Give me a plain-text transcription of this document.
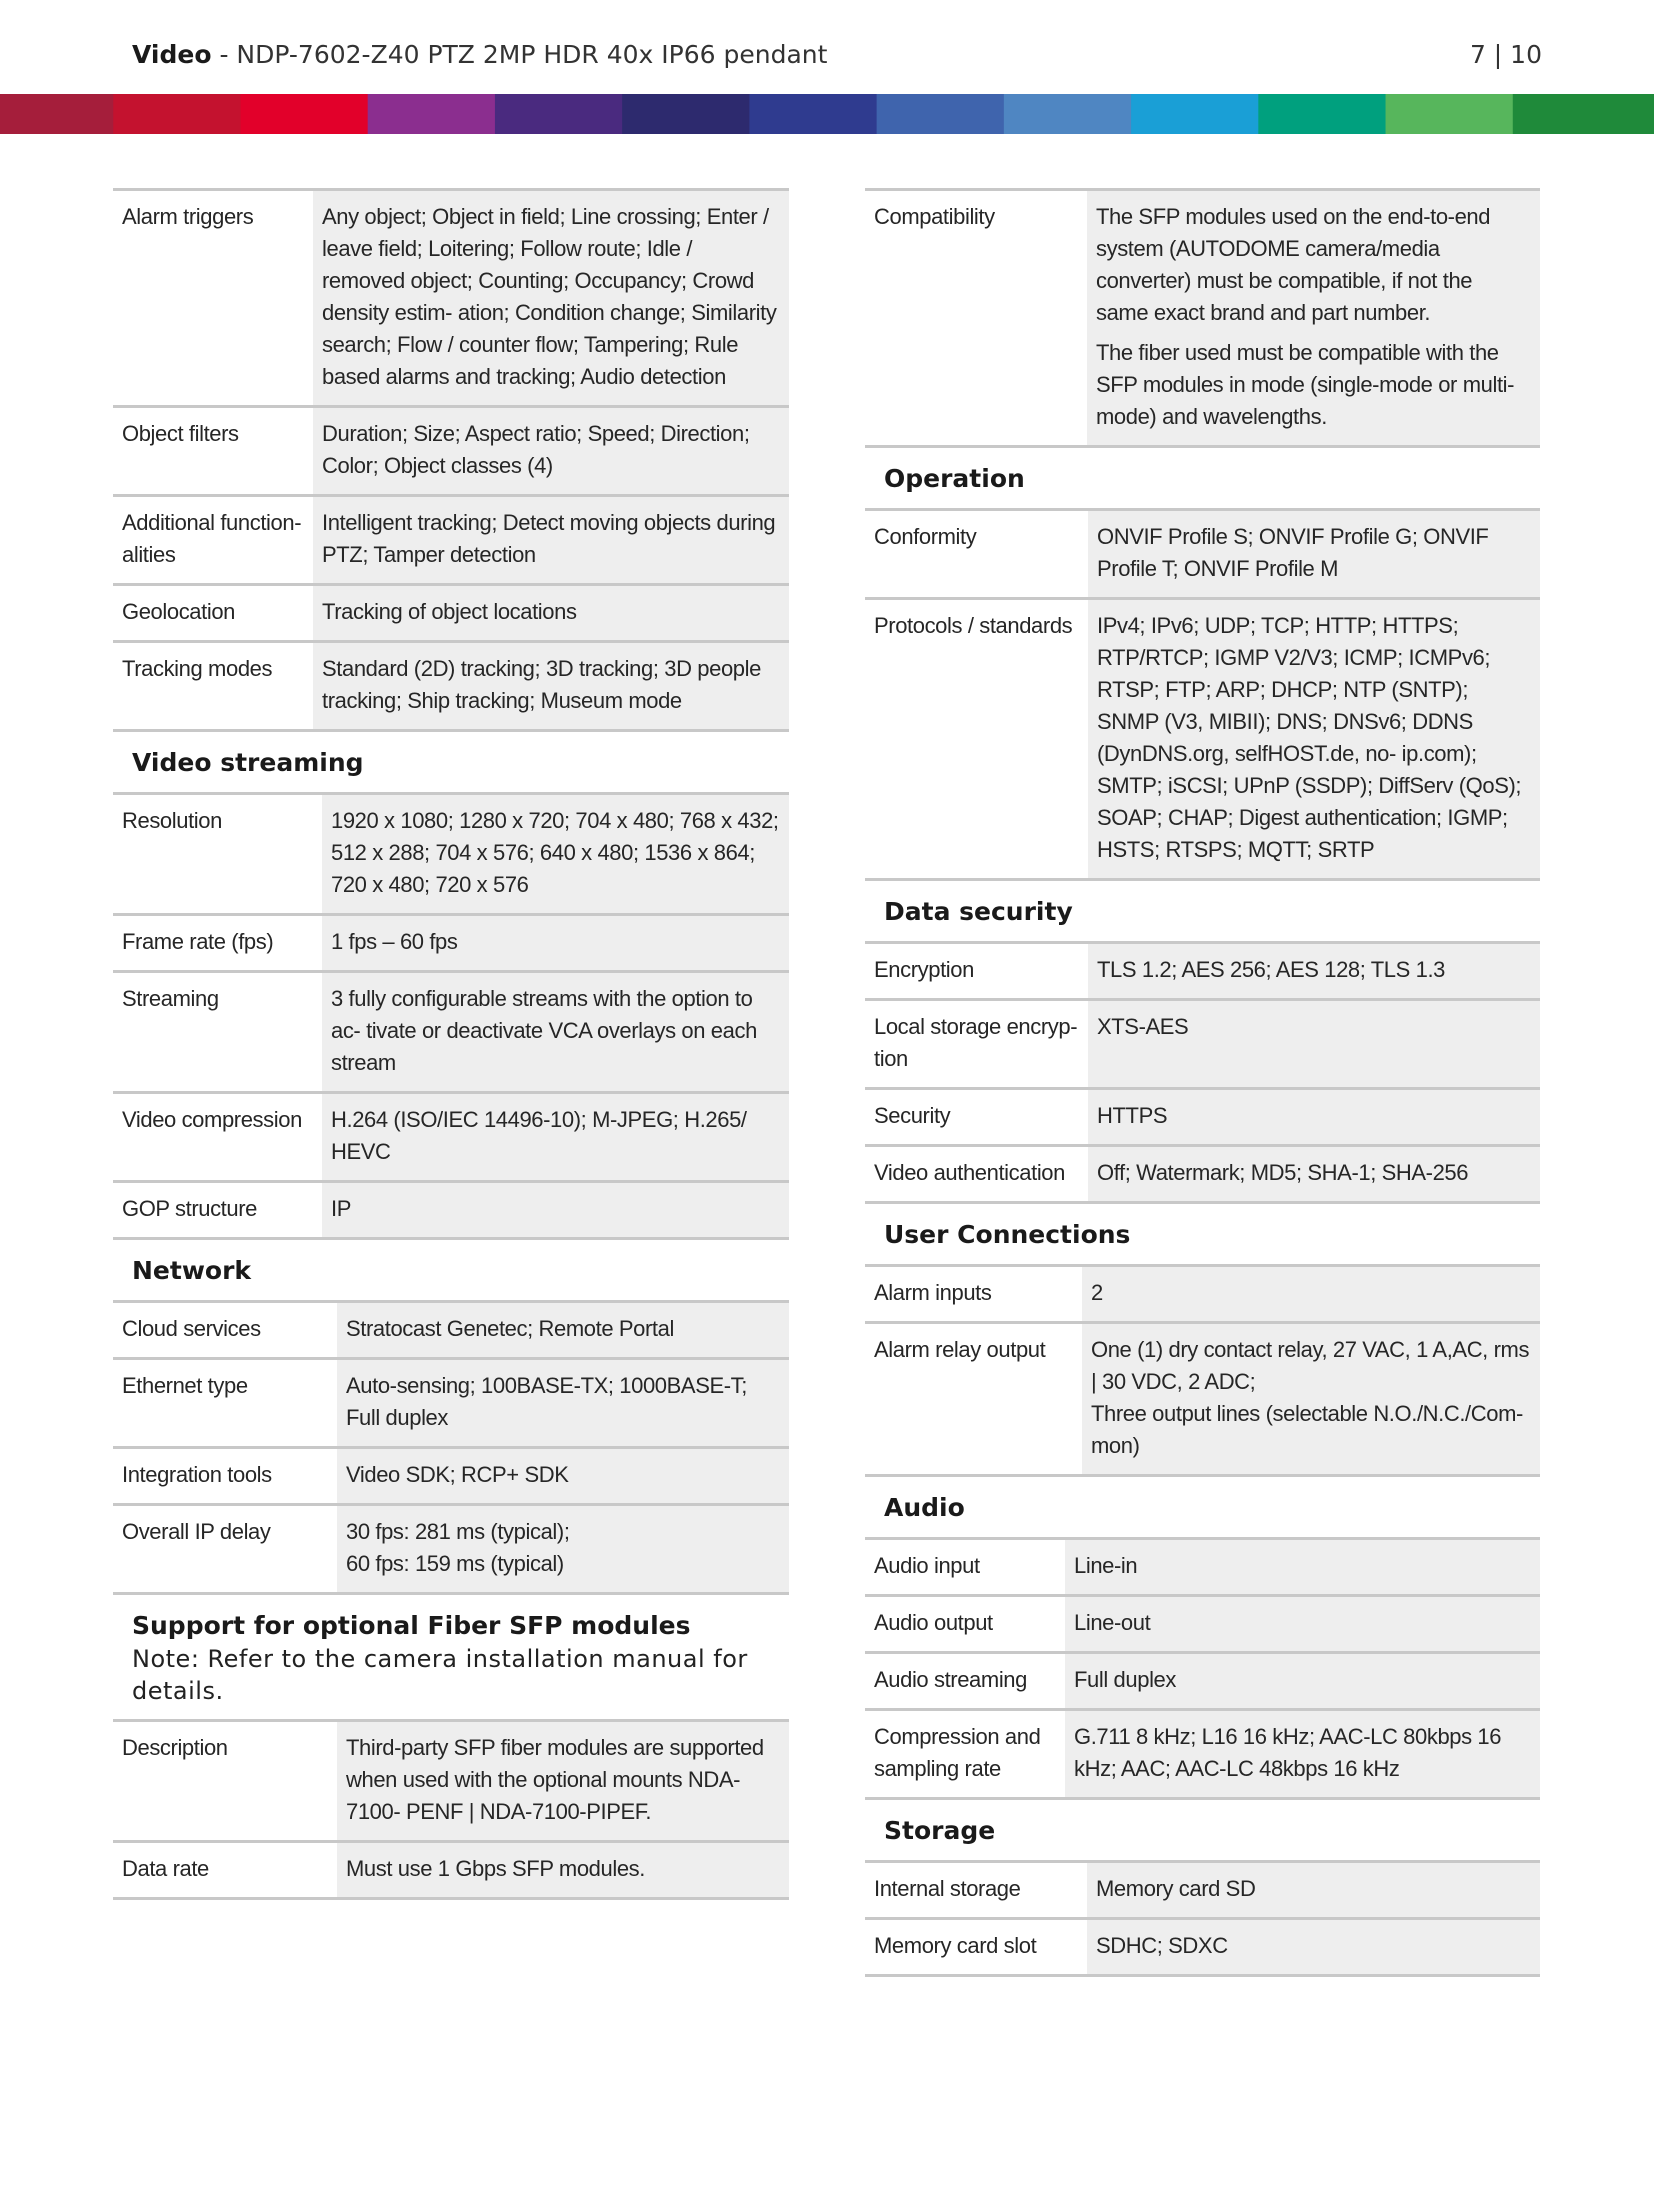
Video - NDP-7602-Z40 PTZ 2MP HDR 40x IP66 pendant	7 | 10
Alarm triggers	Any object; Object in field; Line crossing; Enter / leave field; Loitering; Follow route; Idle / removed object; Counting; Occupancy; Crowd density estim- ation; Condition change; Similarity search; Flow / counter flow; Tampering; Rule based alarms and tracking; Audio detection

Object filters	Duration; Size; Aspect ratio; Speed; Direction; Color; Object classes (4)

Additional function- alities	Intelligent tracking; Detect moving objects during PTZ; Tamper detection

Geolocation	Tracking of object locations

Tracking modes	Standard (2D) tracking; 3D tracking; 3D people tracking; Ship tracking; Museum mode

Video streaming
Resolution	1920 x 1080; 1280 x 720; 704 x 480; 768 x 432; 512 x 288; 704 x 576; 640 x 480; 1536 x 864; 720 x 480; 720 x 576

Frame rate (fps)	1 fps – 60 fps

Streaming	3 fully configurable streams with the option to ac- tivate or deactivate VCA overlays on each stream

Video compression	H.264 (ISO/IEC 14496-10); M-JPEG; H.265/ HEVC

GOP structure	IP

Network
Cloud services	Stratocast Genetec; Remote Portal

Ethernet type	Auto-sensing; 100BASE-TX; 1000BASE-T; Full duplex

Integration tools	Video SDK; RCP+ SDK

Overall IP delay	30 fps: 281 ms (typical);
60 fps: 159 ms (typical)

Support for optional Fiber SFP modules
Note: Refer to the camera installation manual for details.
Description	Third-party SFP fiber modules are supported when used with the optional mounts NDA-7100- PENF | NDA-7100-PIPEF.

Data rate	Must use 1 Gbps SFP modules.

Compatibility	The SFP modules used on the end-to-end system (AUTODOME camera/media converter) must be compatible, if not the same exact brand and part number.

The fiber used must be compatible with the SFP modules in mode (single-mode or multi-mode) and wavelengths.

Operation
Conformity	ONVIF Profile S; ONVIF Profile G; ONVIF Profile T; ONVIF Profile M

Protocols / standards	IPv4; IPv6; UDP; TCP; HTTP; HTTPS; RTP/RTCP; IGMP V2/V3; ICMP; ICMPv6; RTSP; FTP; ARP; DHCP; NTP (SNTP); SNMP (V3, MIBII); DNS; DNSv6; DDNS (DynDNS.org, selfHOST.de, no- ip.com); SMTP; iSCSI; UPnP (SSDP); DiffServ (QoS); SOAP; CHAP; Digest authentication; IGMP; HSTS; RTSPS; MQTT; SRTP

Data security
Encryption	TLS 1.2; AES 256; AES 128; TLS 1.3

Local storage encryp- tion	XTS-AES

Security	HTTPS

Video authentication	Off; Watermark; MD5; SHA-1; SHA-256

User Connections
Alarm inputs	2

Alarm relay output	One (1) dry contact relay, 27 VAC, 1 A,AC, rms | 30 VDC, 2 ADC;
Three output lines (selectable N.O./N.C./Com- mon)

Audio
Audio input	Line-in

Audio output	Line-out

Audio streaming	Full duplex

Compression and sampling rate	G.711 8 kHz; L16 16 kHz; AAC-LC 80kbps 16 kHz; AAC; AAC-LC 48kbps 16 kHz

Storage
Internal storage	Memory card SD

Memory card slot	SDHC; SDXC
